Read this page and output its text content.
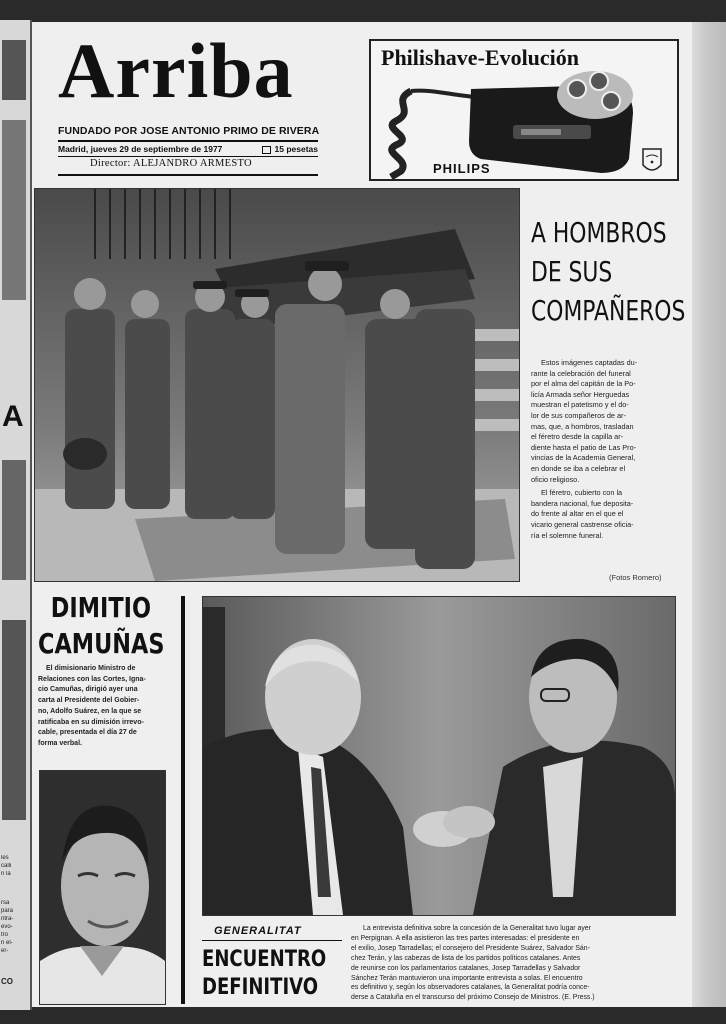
A
les
calli
n la
rsa
para
ntra-
evo-
tro
n el-
er-
CO
Arriba
FUNDADO POR JOSE ANTONIO PRIMO DE RIVERA
Madrid, jueves 29 de septiembre de 1977	15 pesetas
Director: ALEJANDRO ARMESTO
Philishave-Evolución
PHILIPS
A HOMBROS
DE SUS
COMPAÑEROS
Estos imágenes captadas du-
rante la celebración del funeral
por el alma del capitán de la Po-
licía Armada señor Herguedas
muestran el patetismo y el do-
lor de sus compañeros de ar-
mas, que, a hombros, trasladan
el féretro desde la capilla ar-
diente hasta el patio de Las Pro-
vincias de la Academia General,
en donde se iba a celebrar el
oficio religioso.
El féretro, cubierto con la
bandera nacional, fue deposita-
do frente al altar en el que el
vicario general castrense oficia-
ría el solemne funeral.
(Fotos Romero)
DIMITIO
CAMUÑAS
El dimisionario Ministro de
Relaciones con las Cortes, Igna-
cio Camuñas, dirigió ayer una
carta al Presidente del Gobier-
no, Adolfo Suárez, en la que se
ratificaba en su dimisión irrevo-
cable, presentada el día 27 de
forma verbal.
GENERALITAT
ENCUENTRO
DEFINITIVO
La entrevista definitiva sobre la concesión de la Generalitat tuvo lugar ayer
en Perpignan. A ella asistieron las tres partes interesadas: el presidente en
el exilio, Josep Tarradellas; el consejero del Presidente Suárez, Salvador Sán-
chez Terán, y las cabezas de lista de los partidos políticos catalanes. Antes
de reunirse con los parlamentarios catalanes, Josep Tarradellas y Salvador
Sánchez Terán mantuvieron una importante entrevista a solas. El encuentro
es definitivo y, según los observadores catalanes, la Generalitat podría conce-
derse a Cataluña en el transcurso del próximo Consejo de Ministros. (E. Press.)
